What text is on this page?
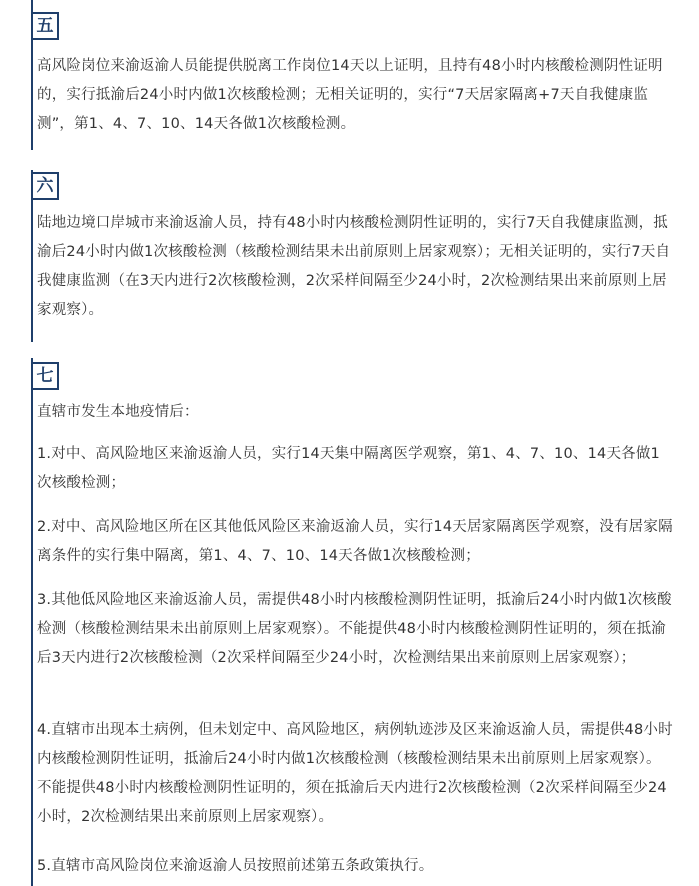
五
高风险岗位来渝返渝人员能提供脱离工作岗位14天以上证明，且持有48小时内核酸检测阴性证明的，实行抵渝后24小时内做1次核酸检测；无相关证明的，实行“7天居家隔离+7天自我健康监测”，第1、4、7、10、14天各做1次核酸检测。
六
陆地边境口岸城市来渝返渝人员，持有48小时内核酸检测阴性证明的，实行7天自我健康监测，抵渝后24小时内做1次核酸检测（核酸检测结果未出前原则上居家观察）；无相关证明的，实行7天自我健康监测（在3天内进行2次核酸检测，2次采样间隔至少24小时，2次检测结果出来前原则上居家观察）。
七
直辖市发生本地疫情后：
1.对中、高风险地区来渝返渝人员，实行14天集中隔离医学观察，第1、4、7、10、14天各做1次核酸检测；
2.对中、高风险地区所在区其他低风险区来渝返渝人员，实行14天居家隔离医学观察，没有居家隔离条件的实行集中隔离，第1、4、7、10、14天各做1次核酸检测；
3.其他低风险地区来渝返渝人员，需提供48小时内核酸检测阴性证明，抵渝后24小时内做1次核酸检测（核酸检测结果未出前原则上居家观察）。不能提供48小时内核酸检测阴性证明的，须在抵渝后3天内进行2次核酸检测（2次采样间隔至少24小时，次检测结果出来前原则上居家观察）；
4.直辖市出现本土病例，但未划定中、高风险地区，病例轨迹涉及区来渝返渝人员，需提供48小时内核酸检测阴性证明，抵渝后24小时内做1次核酸检测（核酸检测结果未出前原则上居家观察）。不能提供48小时内核酸检测阴性证明的，须在抵渝后天内进行2次核酸检测（2次采样间隔至少24小时，2次检测结果出来前原则上居家观察）。
5.直辖市高风险岗位来渝返渝人员按照前述第五条政策执行。
